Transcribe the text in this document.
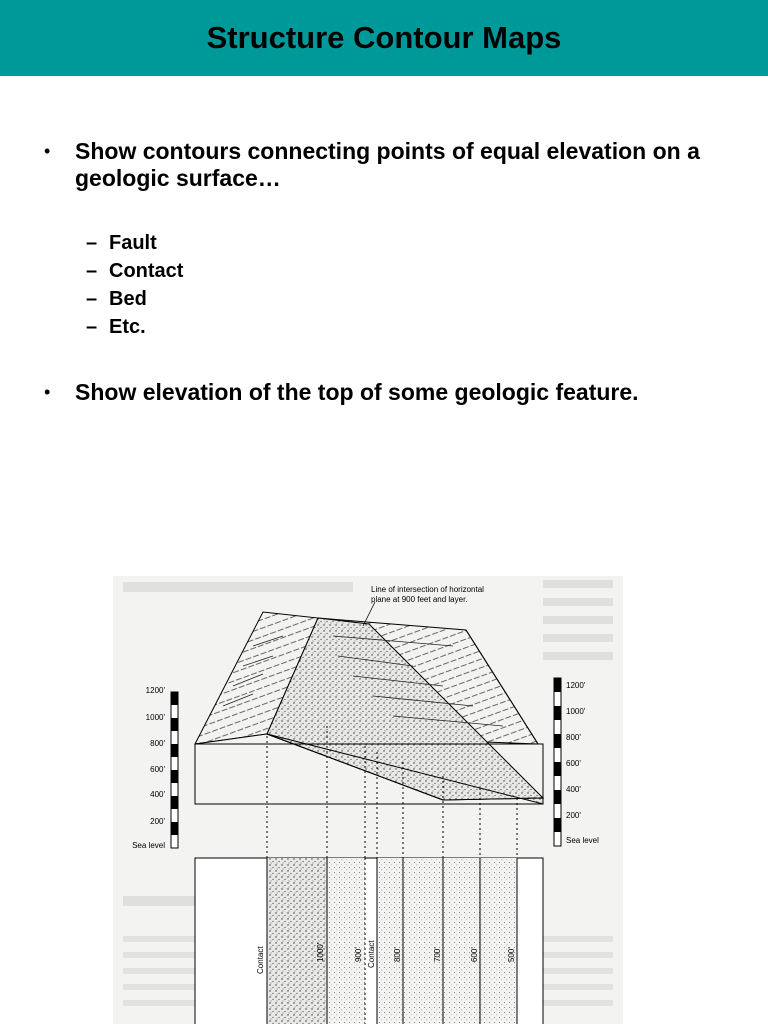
Structure Contour Maps
• Show contours connecting points of equal elevation on a geologic surface…
– Fault
– Contact
– Bed
– Etc.
• Show elevation of the top of some geologic feature.
1200'
1000'
800'
600'
400'
200'
Sea level
1200'
1000'
800'
600'
400'
200'
Sea level
Line of intersection of horizontal
plane at 900 feet and layer.
Contact	1000'	900' Contact 800'	700'	600'	500'
